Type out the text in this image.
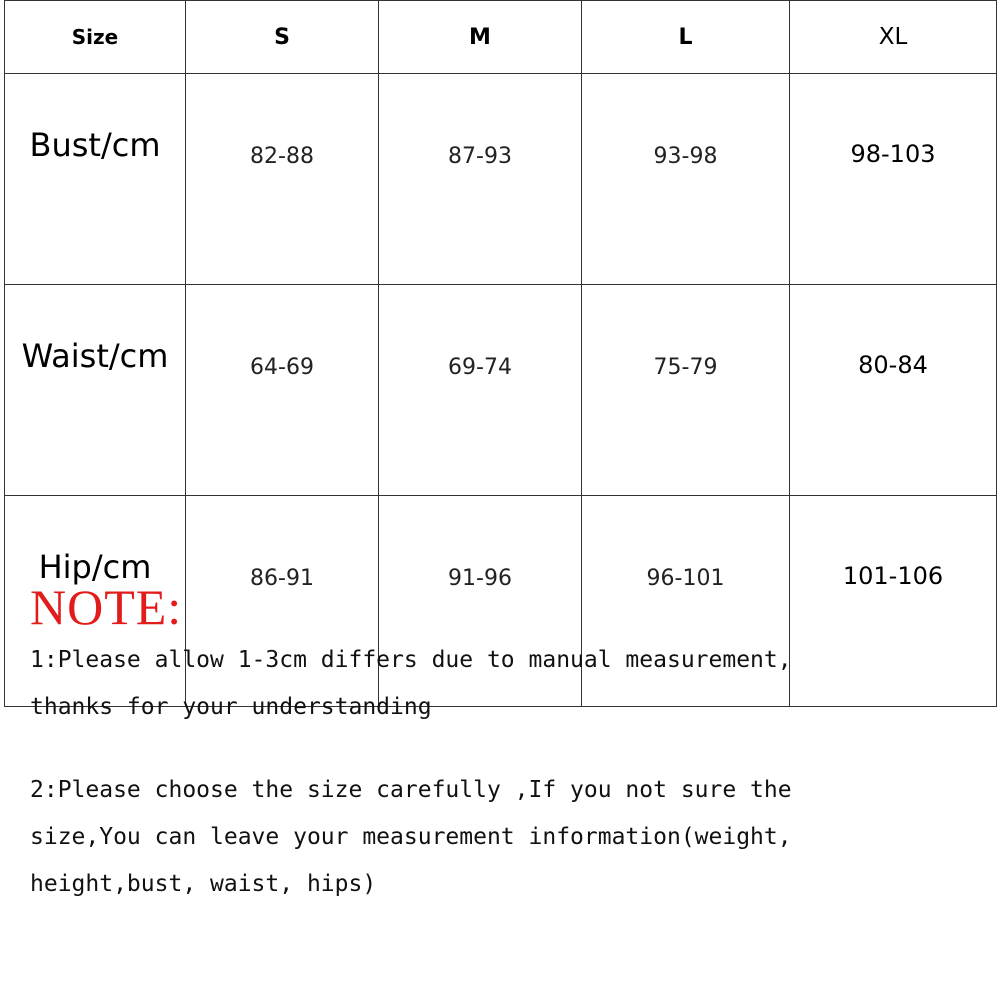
Size	S	M	L	XL
Bust/cm	82-88	87-93	93-98	98-103
Waist/cm	64-69	69-74	75-79	80-84
Hip/cm	86-91	91-96	96-101	101-106
NOTE:

1:Please allow 1-3cm differs due to manual measurement,

thanks for your understanding

2:Please choose the size carefully ,If you not sure the

size,You can leave your measurement information(weight,

height,bust, waist, hips)
